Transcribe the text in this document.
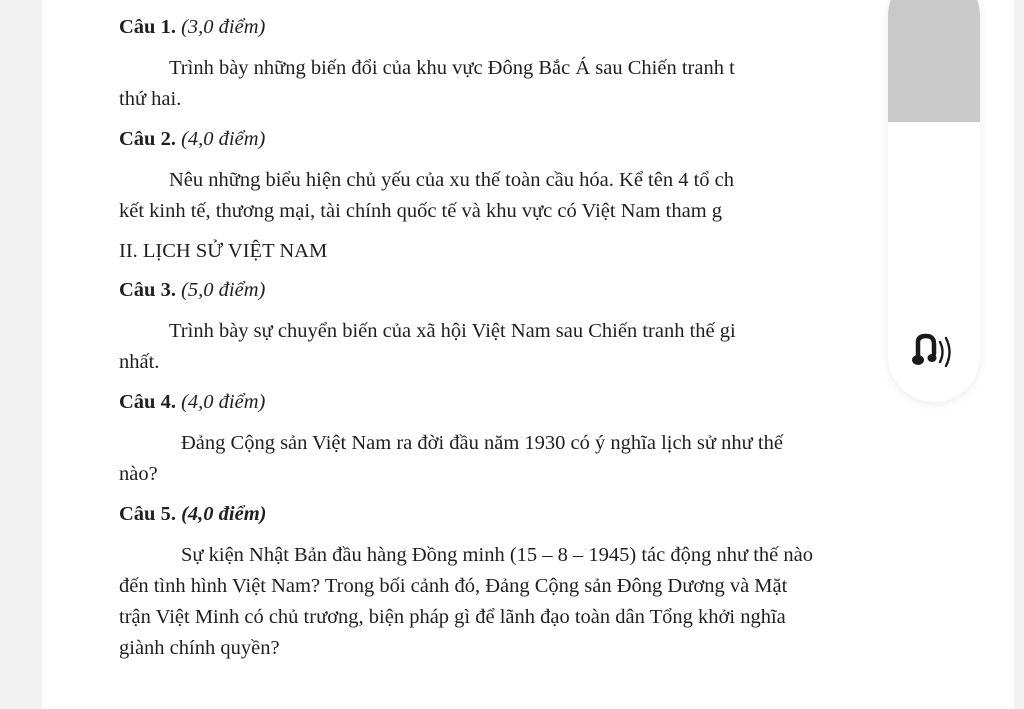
Câu 1. (3,0 điểm)
Trình bày những biến đổi của khu vực Đông Bắc Á sau Chiến tranh t
thứ hai.
Câu 2. (4,0 điểm)
Nêu những biểu hiện chủ yếu của xu thế toàn cầu hóa. Kể tên 4 tổ ch
kết kinh tế, thương mại, tài chính quốc tế và khu vực có Việt Nam tham g
II. LỊCH SỬ VIỆT NAM
Câu 3. (5,0 điểm)
Trình bày sự chuyển biến của xã hội Việt Nam sau Chiến tranh thế gi
nhất.
Câu 4. (4,0 điểm)
Đảng Cộng sản Việt Nam ra đời đầu năm 1930 có ý nghĩa lịch sử như thế
nào?
Câu 5. (4,0 điểm)
Sự kiện Nhật Bản đầu hàng Đồng minh (15 – 8 – 1945) tác động như thế nào
đến tình hình Việt Nam? Trong bối cảnh đó, Đảng Cộng sản Đông Dương và Mặt
trận Việt Minh có chủ trương, biện pháp gì để lãnh đạo toàn dân Tổng khởi nghĩa
giành chính quyền?
